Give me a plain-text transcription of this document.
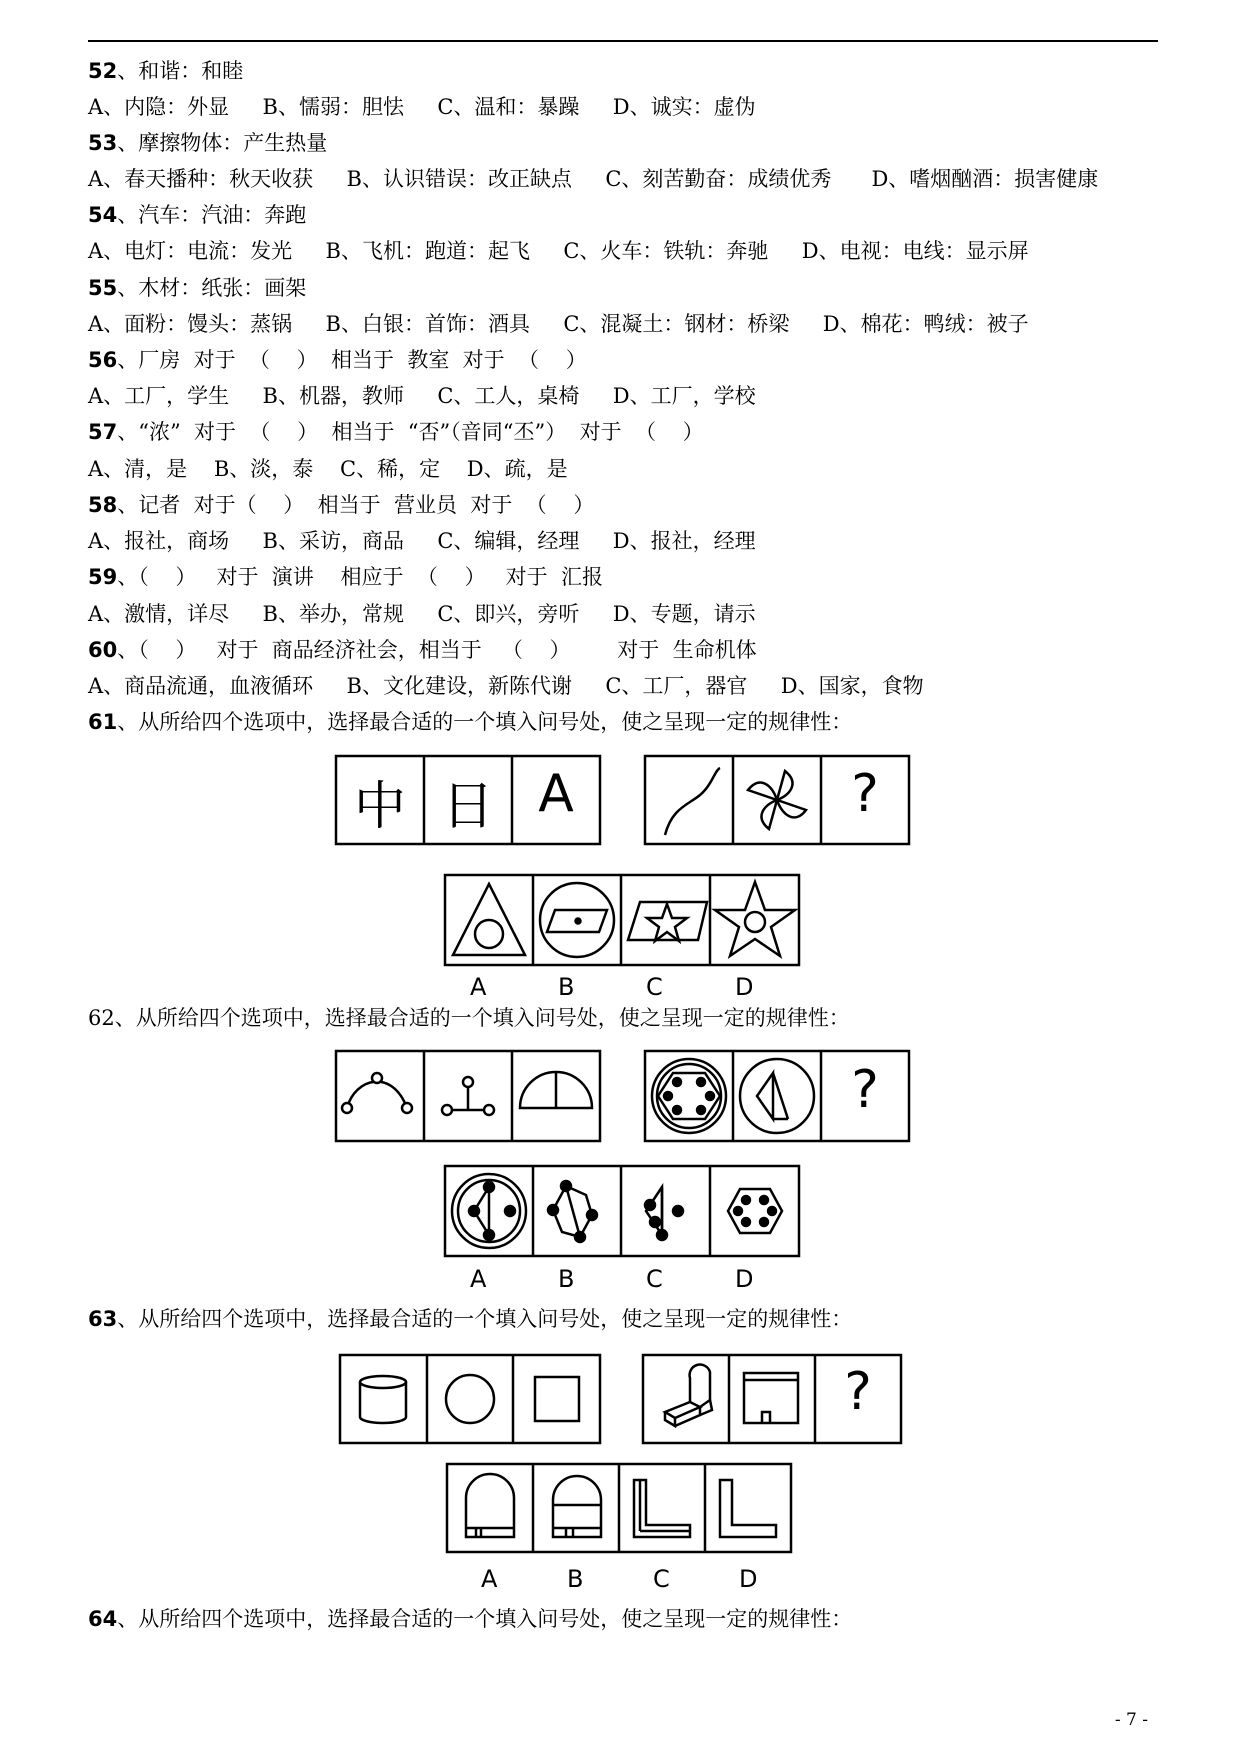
52、和谐：和睦
A、内隐：外显     B、懦弱：胆怯     C、温和：暴躁     D、诚实：虚伪
53、摩擦物体：产生热量
A、春天播种：秋天收获     B、认识错误：改正缺点     C、刻苦勤奋：成绩优秀      D、嗜烟酗酒：损害健康
54、汽车：汽油：奔跑
A、电灯：电流：发光     B、飞机：跑道：起飞     C、火车：铁轨：奔驰     D、电视：电线：显示屏
55、木材：纸张：画架
A、面粉：馒头：蒸锅     B、白银：首饰：酒具     C、混凝土：钢材：桥梁     D、棉花：鸭绒：被子
56、厂房  对于  （    ）  相当于  教室  对于  （    ）
A、工厂，学生     B、机器，教师     C、工人，桌椅     D、工厂，学校
57、“浓”  对于  （    ）  相当于  “否”（音同“丕”）  对于  （    ）
A、清，是    B、淡，泰    C、稀，定    D、疏，是
58、记者  对于（    ）  相当于  营业员  对于  （    ）
A、报社，商场     B、采访，商品     C、编辑，经理     D、报社，经理
59、（    ）   对于  演讲    相应于  （    ）   对于  汇报
A、激情，详尽     B、举办，常规     C、即兴，旁听     D、专题，请示
60、（    ）   对于  商品经济社会，相当于   （    ）       对于  生命机体
A、商品流通，血液循环     B、文化建设，新陈代谢     C、工厂，器官     D、国家，食物
61、从所给四个选项中，选择最合适的一个填入问号处，使之呈现一定的规律性：
62、从所给四个选项中，选择最合适的一个填入问号处，使之呈现一定的规律性：
63、从所给四个选项中，选择最合适的一个填入问号处，使之呈现一定的规律性：
64、从所给四个选项中，选择最合适的一个填入问号处，使之呈现一定的规律性：
中 日 A	?
?
?
A	B	C	D
A	B	C	D
A	B	C	D
- 7 -
